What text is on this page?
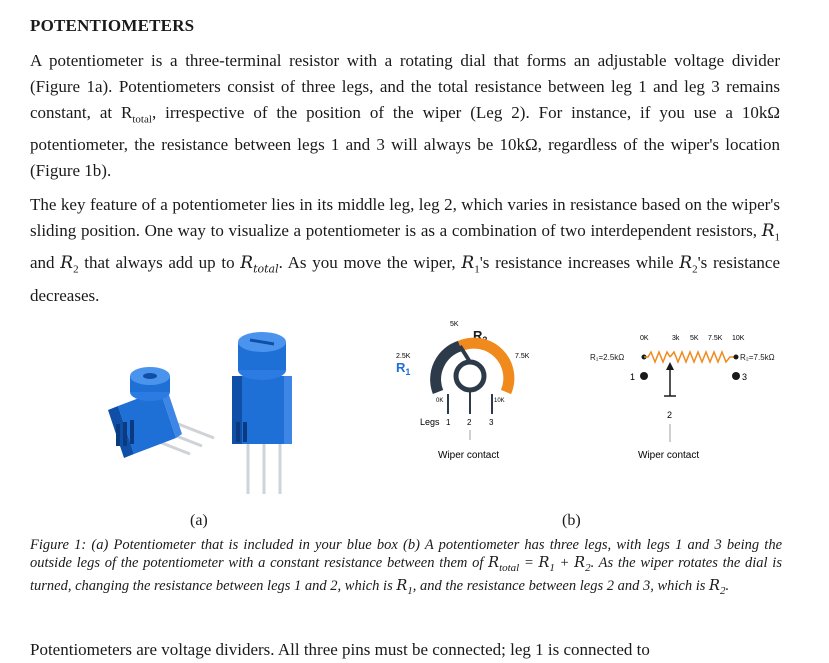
POTENTIOMETERS

A potentiometer is a three-terminal resistor with a rotating dial that forms an adjustable voltage divider (Figure 1a). Potentiometers consist of three legs, and the total resistance between leg 1 and leg 3 remains constant, at $R_{total}$, irrespective of the position of the wiper (Leg 2). For instance, if you use a 10kΩ potentiometer, the resistance between legs 1 and 3 will always be 10kΩ, regardless of the wiper's location (Figure 1b).

The key feature of a potentiometer lies in its middle leg, leg 2, which varies in resistance based on the wiper's sliding position. One way to visualize a potentiometer is as a combination of two interdependent resistors, $R_1$ and $R_2$ that always add up to $R_{total}$. As you move the wiper, $R_1's$ resistance increases while $R_2's$ resistance decreases.

5K
$R_2$
2.5K	7.5K
$R_1$
0K	10K
Legs 1 2 3
Wiper contact
0K	3k 5K 7.5K 10K
R₁=2.5kΩ	R₂=7.5kΩ
1	3
2
Wiper contact
(a)	(b)

Figure 1: (a) Potentiometer that is included in your blue box (b) A potentiometer has three legs, with legs 1 and 3 being the outside legs of the potentiometer with a constant resistance between them of $R_{total} = R_1 + R_2$. As the wiper rotates the dial is turned, changing the resistance between legs 1 and 2, which is $R_1$, and the resistance between legs 2 and 3, which is $R_2$.

Potentiometers are voltage dividers. All three pins must be connected; leg 1 is connected to
